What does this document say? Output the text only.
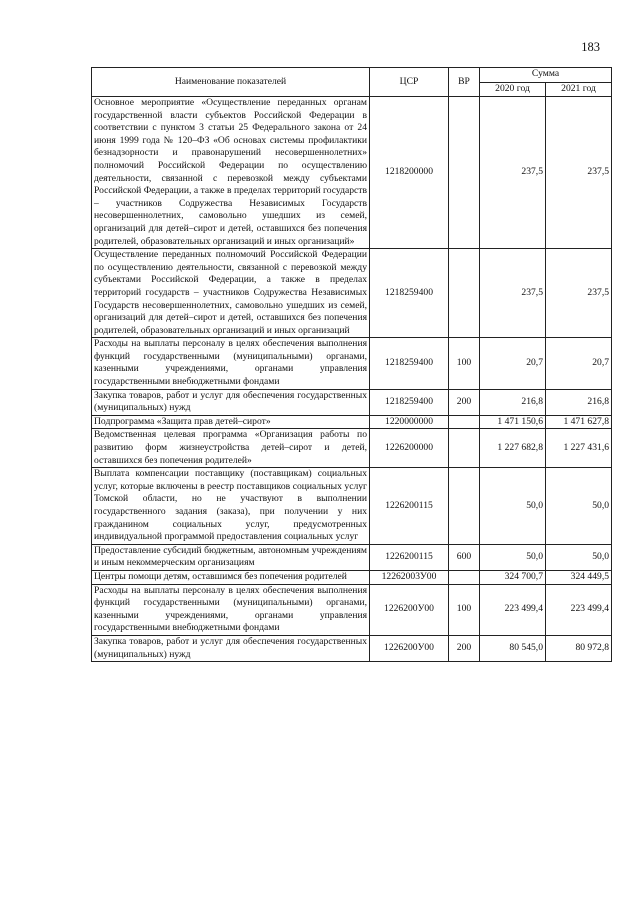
183
Наименование показателей	ЦСР	ВР	Сумма	
			2020 год	2021 год
Основное мероприятие «Осуществление переданных органам государственной власти субъектов Российской Федерации в соответствии с пунктом 3 статьи 25 Федерального закона от 24 июня 1999 года № 120–ФЗ «Об основах системы профилактики безнадзорности и правонарушений несовершеннолетних» полномочий Российской Федерации по осуществлению деятельности, связанной с перевозкой между субъектами Российской Федерации, а также в пределах территорий государств – участников Содружества Независимых Государств несовершеннолетних, самовольно ушедших из семей, организаций для детей–сирот и детей, оставшихся без попечения родителей, образовательных организаций и иных организаций»	1218200000		237,5	237,5
Осуществление переданных полномочий Российской Федерации по осуществлению деятельности, связанной с перевозкой между субъектами Российской Федерации, а также в пределах территорий государств – участников Содружества Независимых Государств несовершеннолетних, самовольно ушедших из семей, организаций для детей–сирот и детей, оставшихся без попечения родителей, образовательных организаций и иных организаций	1218259400		237,5	237,5
Расходы на выплаты персоналу в целях обеспечения выполнения функций государственными (муниципальными) органами, казенными учреждениями, органами управления государственными внебюджетными фондами	1218259400	100	20,7	20,7
Закупка товаров, работ и услуг для обеспечения государственных (муниципальных) нужд	1218259400	200	216,8	216,8
Подпрограмма «Защита прав детей–сирот»	1220000000		1 471 150,6	1 471 627,8
Ведомственная целевая программа «Организация работы по развитию форм жизнеустройства детей–сирот и детей, оставшихся без попечения родителей»	1226200000		1 227 682,8	1 227 431,6
Выплата компенсации поставщику (поставщикам) социальных услуг, которые включены в реестр поставщиков социальных услуг Томской области, но не участвуют в выполнении государственного задания (заказа), при получении у них гражданином социальных услуг, предусмотренных индивидуальной программой предоставления социальных услуг	1226200115		50,0	50,0
Предоставление субсидий бюджетным, автономным учреждениям и иным некоммерческим организациям	1226200115	600	50,0	50,0
Центры помощи детям, оставшимся без попечения родителей	12262003У00		324 700,7	324 449,5
Расходы на выплаты персоналу в целях обеспечения выполнения функций государственными (муниципальными) органами, казенными учреждениями, органами управления государственными внебюджетными фондами	1226200У00	100	223 499,4	223 499,4
Закупка товаров, работ и услуг для обеспечения государственных (муниципальных) нужд	1226200У00	200	80 545,0	80 972,8
